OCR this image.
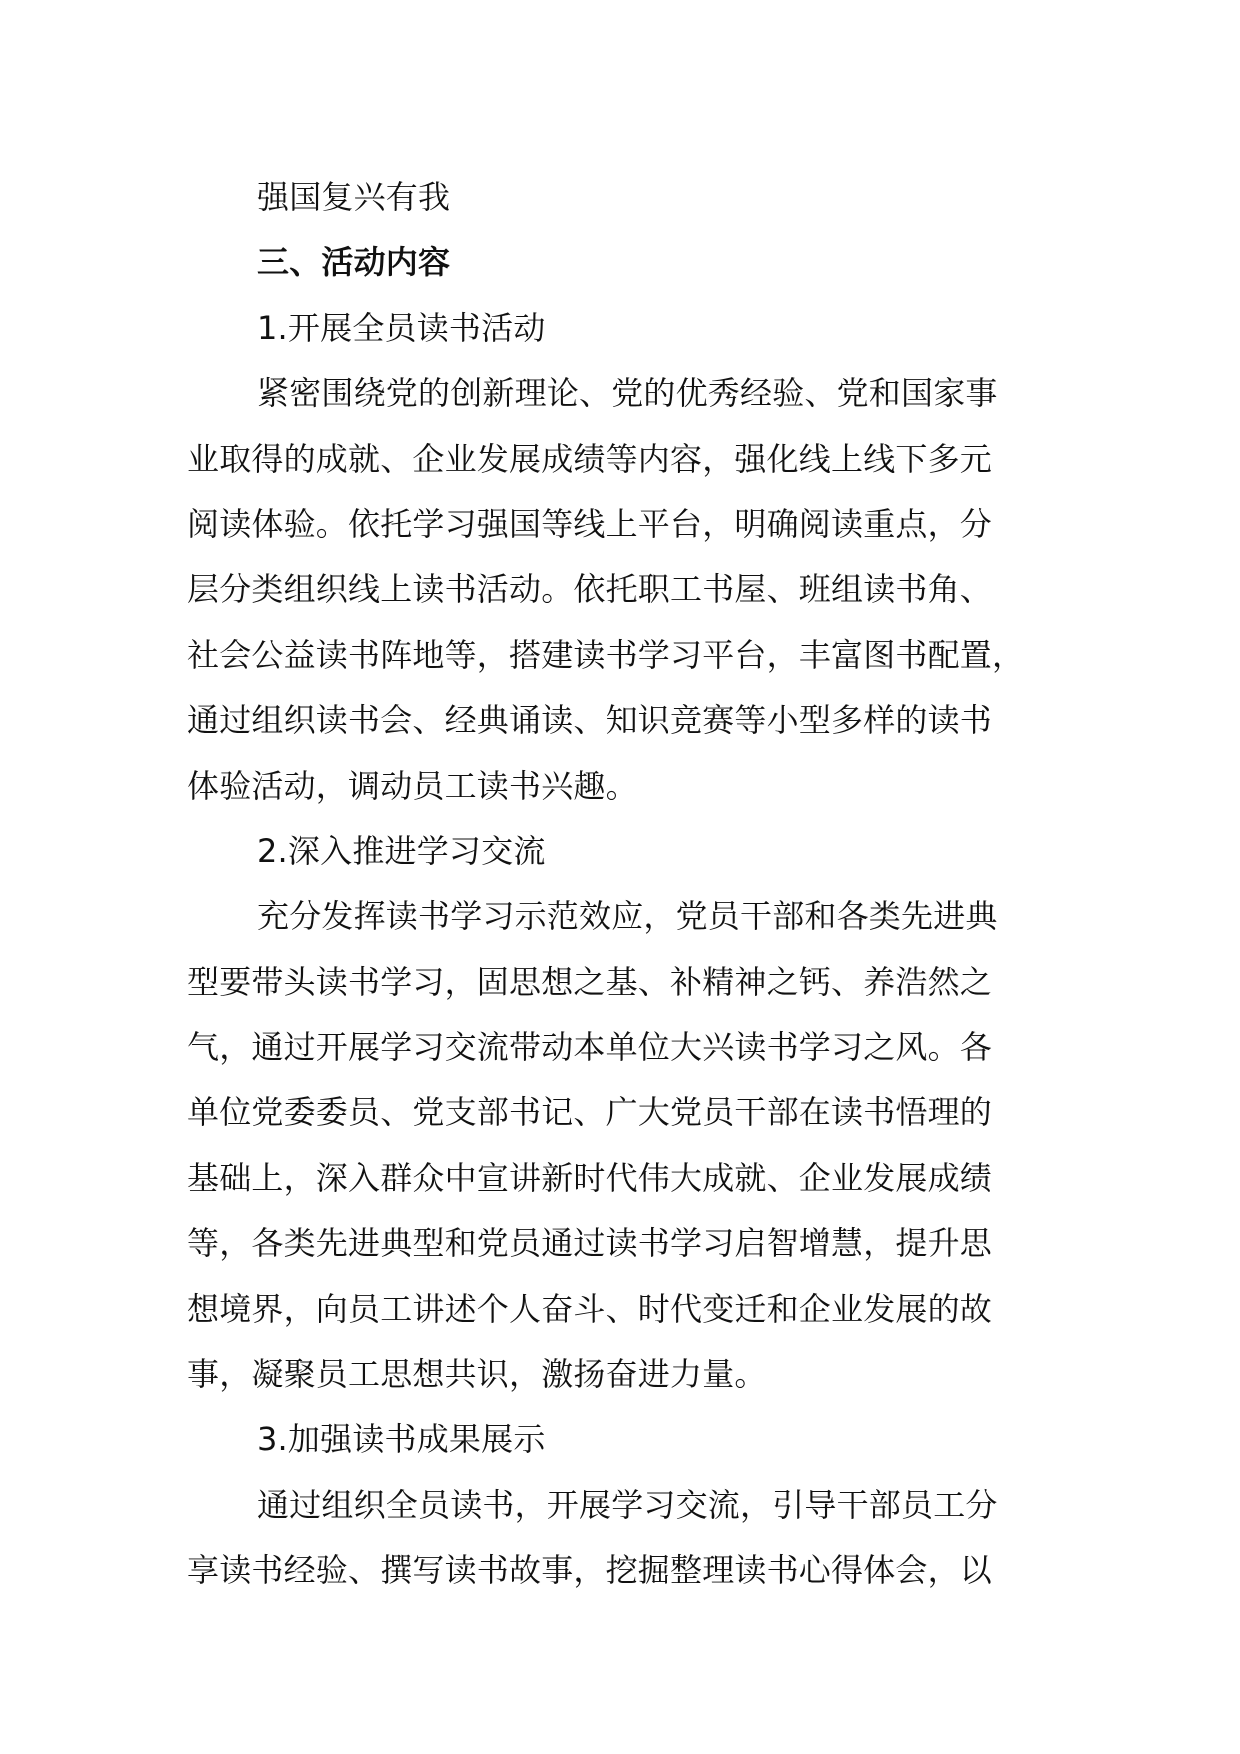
强国复兴有我
三、活动内容
1.开展全员读书活动
紧密围绕党的创新理论、党的优秀经验、党和国家事
业取得的成就、企业发展成绩等内容，强化线上线下多元
阅读体验。依托学习强国等线上平台，明确阅读重点，分
层分类组织线上读书活动。依托职工书屋、班组读书角、
社会公益读书阵地等，搭建读书学习平台，丰富图书配置，
通过组织读书会、经典诵读、知识竞赛等小型多样的读书
体验活动，调动员工读书兴趣。
2.深入推进学习交流
充分发挥读书学习示范效应，党员干部和各类先进典
型要带头读书学习，固思想之基、补精神之钙、养浩然之
气，通过开展学习交流带动本单位大兴读书学习之风。各
单位党委委员、党支部书记、广大党员干部在读书悟理的
基础上，深入群众中宣讲新时代伟大成就、企业发展成绩
等，各类先进典型和党员通过读书学习启智增慧，提升思
想境界，向员工讲述个人奋斗、时代变迁和企业发展的故
事，凝聚员工思想共识，激扬奋进力量。
3.加强读书成果展示
通过组织全员读书，开展学习交流，引导干部员工分
享读书经验、撰写读书故事，挖掘整理读书心得体会，以
